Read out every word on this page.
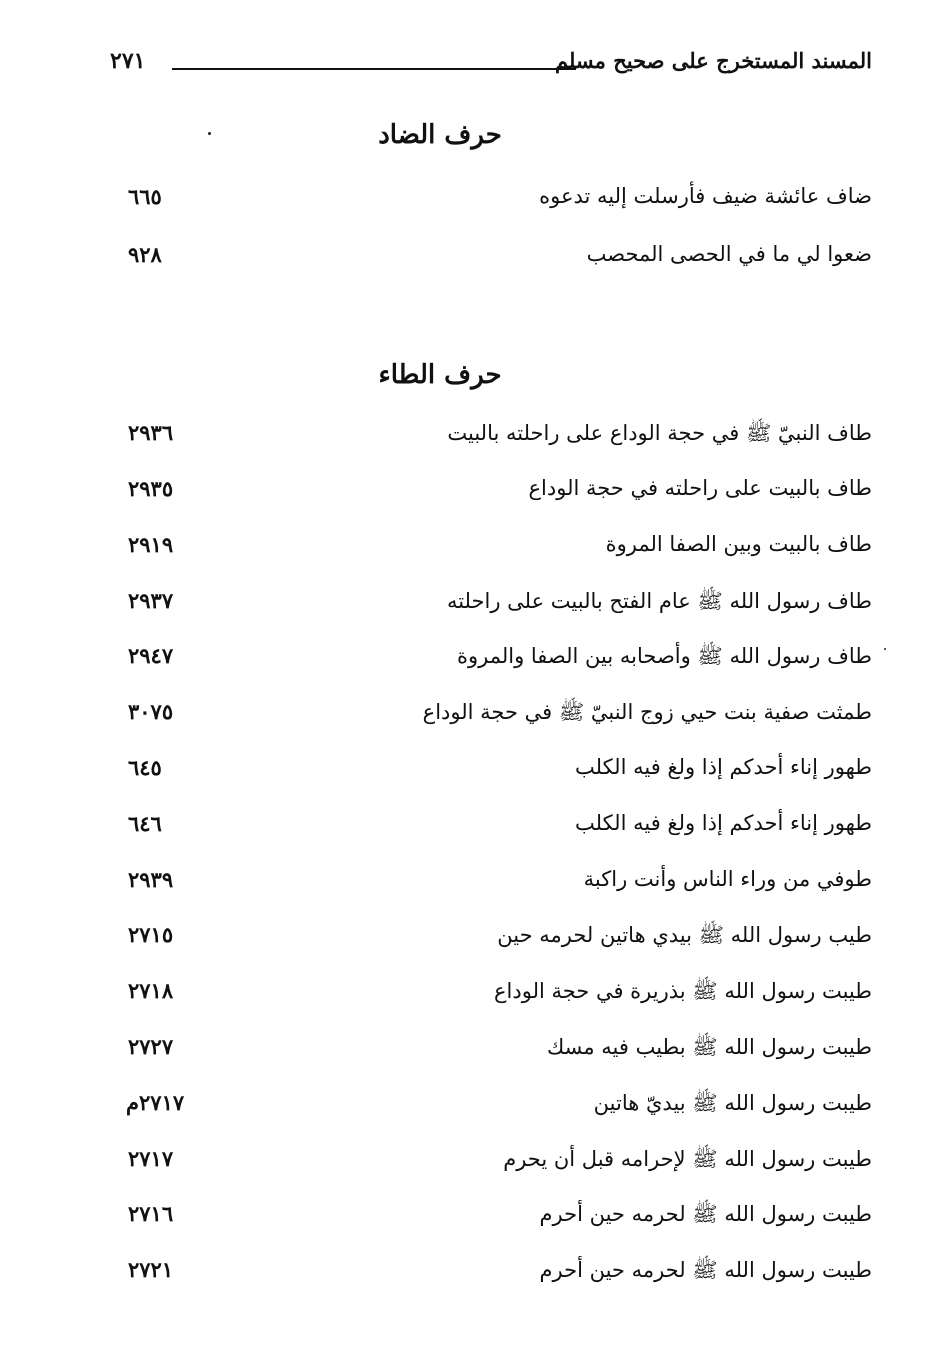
المسند المستخرج على صحيح مسلم
٢٧١
حرف الضاد
ضاف عائشة ضيف فأرسلت إليه تدعوه
٦٦٥
ضعوا لي ما في الحصى المحصب
٩٢٨
حرف الطاء
طاف النبيّ ﷺ في حجة الوداع على راحلته بالبيت
٢٩٣٦
طاف بالبيت على راحلته في حجة الوداع
٢٩٣٥
طاف بالبيت وبين الصفا المروة
٢٩١٩
طاف رسول الله ﷺ عام الفتح بالبيت على راحلته
٢٩٣٧
طاف رسول الله ﷺ وأصحابه بين الصفا والمروة
٢٩٤٧
طمثت صفية بنت حيي زوج النبيّ ﷺ في حجة الوداع
٣٠٧٥
طهور إناء أحدكم إذا ولغ فيه الكلب
٦٤٥
طهور إناء أحدكم إذا ولغ فيه الكلب
٦٤٦
طوفي من وراء الناس وأنت راكبة
٢٩٣٩
طيب رسول الله ﷺ بيدي هاتين لحرمه حين
٢٧١٥
طيبت رسول الله ﷺ بذريرة في حجة الوداع
٢٧١٨
طيبت رسول الله ﷺ بطيب فيه مسك
٢٧٢٧
طيبت رسول الله ﷺ بيديّ هاتين
٢٧١٧م
طيبت رسول الله ﷺ لإحرامه قبل أن يحرم
٢٧١٧
طيبت رسول الله ﷺ لحرمه حين أحرم
٢٧١٦
طيبت رسول الله ﷺ لحرمه حين أحرم
٢٧٢١
